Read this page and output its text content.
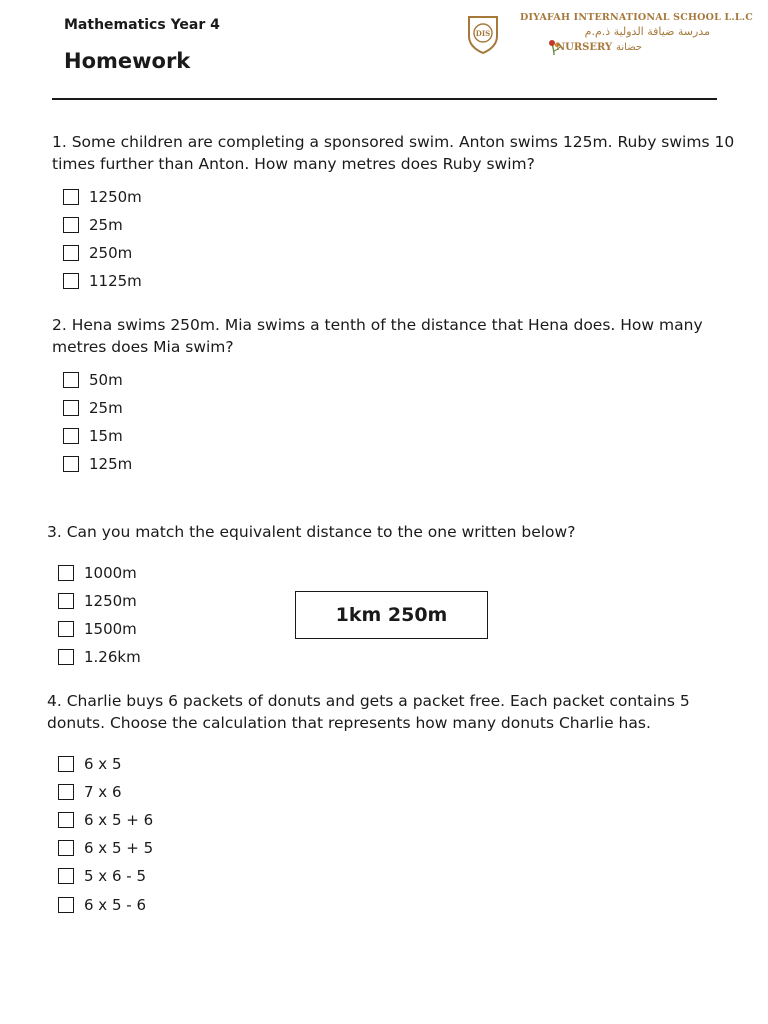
Mathematics Year 4
Homework
DIS
DIYAFAH INTERNATIONAL SCHOOL L.L.C
مدرسة ضيافة الدولية ذ.م.م
NURSERY حضانة
1. Some children are completing a sponsored swim. Anton swims 125m. Ruby swims 10 times further than Anton. How many metres does Ruby swim?
1250m
25m
250m
1125m
2. Hena swims 250m. Mia swims a tenth of the distance that Hena does. How many metres does Mia swim?
50m
25m
15m
125m
3. Can you match the equivalent distance to the one written below?
1000m
1250m
1500m
1.26km
1km 250m
4. Charlie buys 6 packets of donuts and gets a packet free. Each packet contains 5 donuts. Choose the calculation that represents how many donuts Charlie has.
6 x 5
7 x 6
6 x 5 + 6
6 x 5 + 5
5 x 6 - 5
6 x 5 - 6
